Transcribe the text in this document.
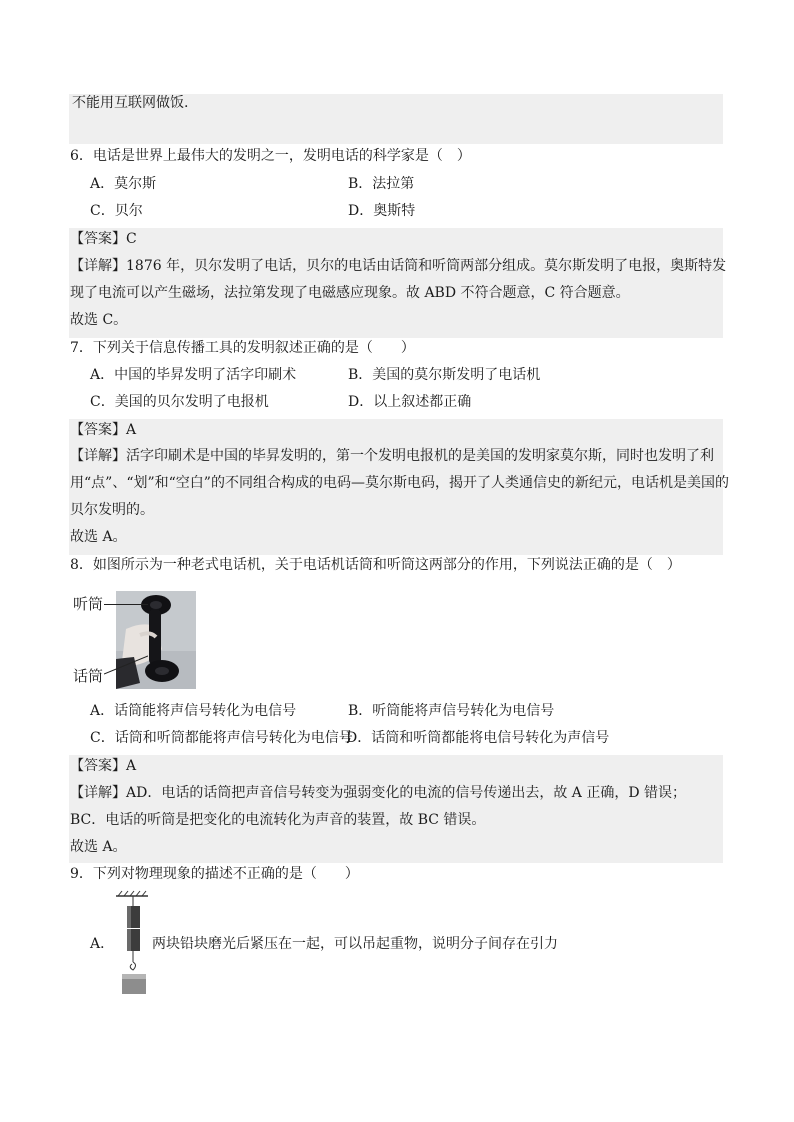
不能用互联网做饭.
6．电话是世界上最伟大的发明之一，发明电话的科学家是（　）
A．莫尔斯	B．法拉第
C．贝尔	D．奥斯特
【答案】C
【详解】1876 年，贝尔发明了电话，贝尔的电话由话筒和听筒两部分组成。莫尔斯发明了电报，奥斯特发
现了电流可以产生磁场，法拉第发现了电磁感应现象。故 ABD 不符合题意，C 符合题意。
故选 C。
7．下列关于信息传播工具的发明叙述正确的是（　　）
A．中国的毕昇发明了活字印刷术	B．美国的莫尔斯发明了电话机
C．美国的贝尔发明了电报机	D．以上叙述都正确
【答案】A
【详解】活字印刷术是中国的毕昇发明的，第一个发明电报机的是美国的发明家莫尔斯，同时也发明了利
用“点”、“划”和“空白”的不同组合构成的电码—莫尔斯电码，揭开了人类通信史的新纪元，电话机是美国的
贝尔发明的。
故选 A。
8．如图所示为一种老式电话机，关于电话机话筒和听筒这两部分的作用，下列说法正确的是（　）
听筒
话筒
A．话筒能将声信号转化为电信号	B．听筒能将声信号转化为电信号
C．话筒和听筒都能将声信号转化为电信号
D．话筒和听筒都能将电信号转化为声信号
【答案】A
【详解】AD．电话的话筒把声音信号转变为强弱变化的电流的信号传递出去，故 A 正确，D 错误；
BC．电话的听筒是把变化的电流转化为声音的装置，故 BC 错误。
故选 A。
9．下列对物理现象的描述不正确的是（　　）
A．	两块铅块磨光后紧压在一起，可以吊起重物，说明分子间存在引力
